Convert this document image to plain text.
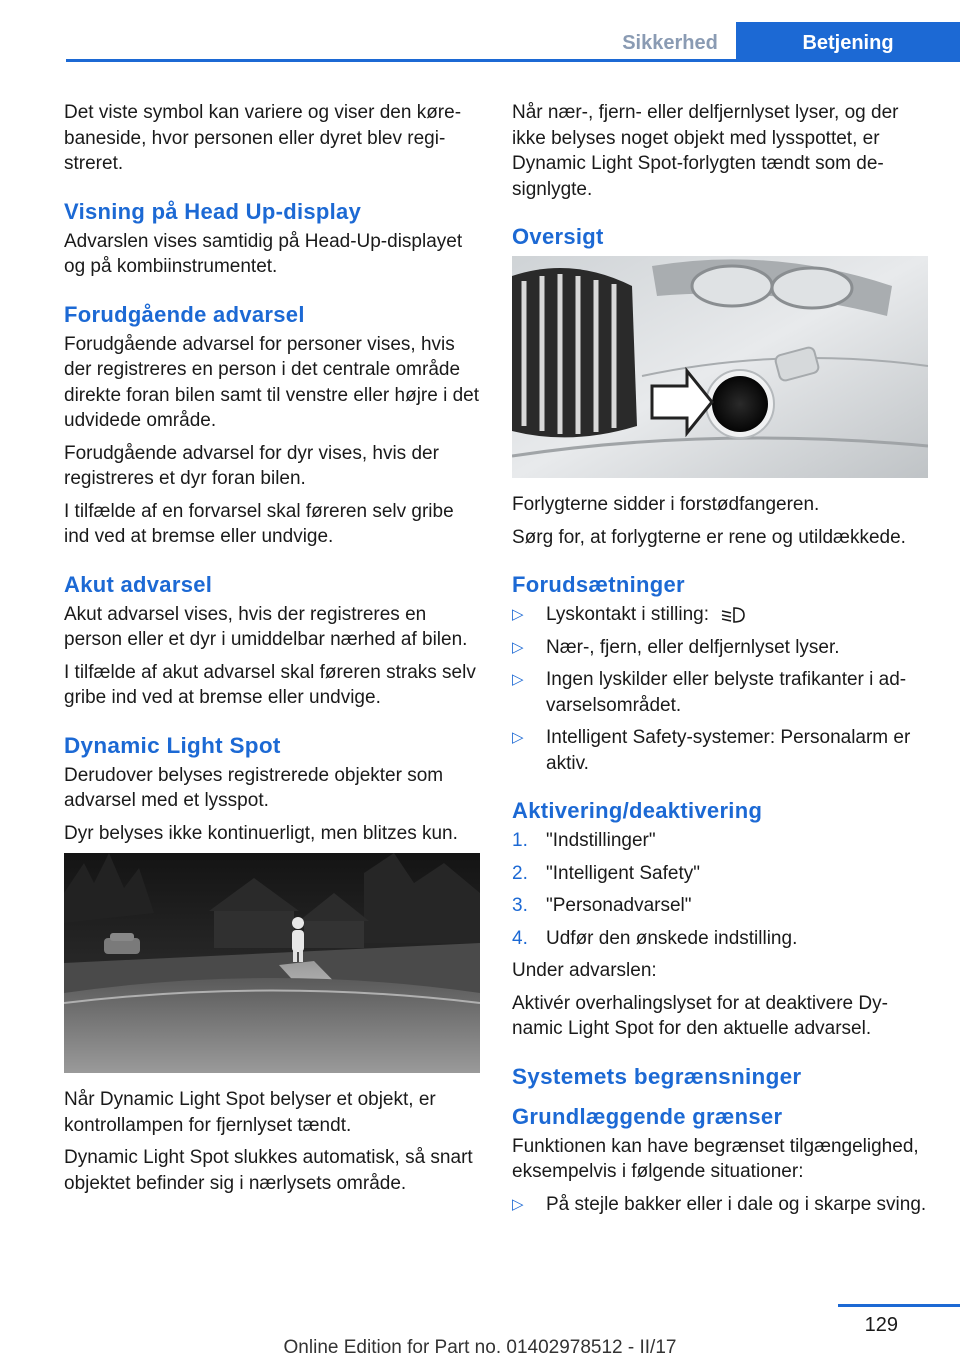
Sikkerhed	Betjening

Det viste symbol kan variere og viser den kørebaneside, hvor personen eller dyret blev registreret.

Visning på Head Up-display

Advarslen vises samtidig på Head-Up-displayet og på kombiinstrumentet.

Forudgående advarsel

Forudgående advarsel for personer vises, hvis der registreres en person i det centrale område direkte foran bilen samt til venstre eller højre i det udvidede område.

Forudgående advarsel for dyr vises, hvis der registreres et dyr foran bilen.

I tilfælde af en forvarsel skal føreren selv gribe ind ved at bremse eller undvige.

Akut advarsel

Akut advarsel vises, hvis der registreres en person eller et dyr i umiddelbar nærhed af bilen.

I tilfælde af akut advarsel skal føreren straks selv gribe ind ved at bremse eller undvige.

Dynamic Light Spot

Derudover belyses registrerede objekter som advarsel med et lysspot.

Dyr belyses ikke kontinuerligt, men blitzes kun.

Når Dynamic Light Spot belyser et objekt, er kontrollampen for fjernlyset tændt.

Dynamic Light Spot slukkes automatisk, så snart objektet befinder sig i nærlysets område.

Når nær-, fjern- eller delfjernlyset lyser, og der ikke belyses noget objekt med lysspottet, er Dynamic Light Spot-forlygten tændt som designlygte.

Oversigt

Forlygterne sidder i forstødfangeren.

Sørg for, at forlygterne er rene og utildækkede.

Forudsætninger
▷ Lyskontakt i stilling:
▷ Nær-, fjern, eller delfjernlyset lyser.
▷ Ingen lyskilder eller belyste trafikanter i advarselsområdet.
▷ Intelligent Safety-systemer: Personalarm er aktiv.
Aktivering/deaktivering
1. "Indstillinger"
2. "Intelligent Safety"
3. "Personadvarsel"
4. Udfør den ønskede indstilling.

Under advarslen:

Aktivér overhalingslyset for at deaktivere Dynamic Light Spot for den aktuelle advarsel.

Systemets begrænsninger
Grundlæggende grænser

Funktionen kan have begrænset tilgængelighed, eksempelvis i følgende situationer:

▷ På stejle bakker eller i dale og i skarpe sving.
129
Online Edition for Part no. 01402978512 - II/17
